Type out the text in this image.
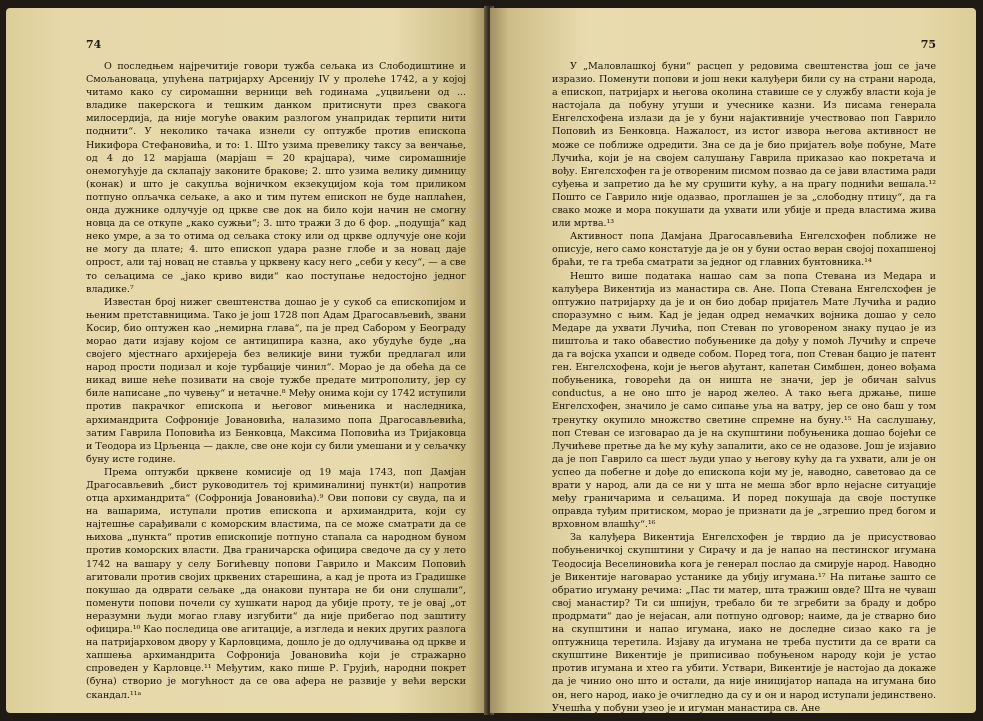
74

О последњем најречитије говори тужба сељака из Слободиштине и Смољановаца, упућена патријарху Арсенију IV у пролеће 1742, а у којој читамо како су сиромашни верници већ годинама „уцвиљени од ... владике пакерскога и тешким данком притиснути през свакога милосердија, да није могуће оваким разлогом унапридак терпити нити поднити“. У неколико тачака изнели су оптужбе против епископа Никифора Стефановића, и то: 1. Што узима превелику таксу за венчање, од 4 до 12 марјаша (марјаш = 20 крајцара), чиме сиромашније онемогућује да склапају законите бракове; 2. што узима велику димницу (конак) и што је сакупља војничком екзекуцијом која том приликом потпуно опљачка сељаке, а ако и тим путем епископ не буде наплаћен, онда дужнике одлучује од цркве све док на било који начин не смогну новца да се откупе „како сужњи“; 3. што тражи 3 до 6 фор. „подушја“ кад неко умре, а за то отима од сељака стоку или од цркве одлучује оне који не могу да плате; 4. што епископ удара разне глобе и за новац даје опрост, али тај новац не ставља у црквену касу него „себи у кесу“, — а све то сељацима се „јако криво види“ као поступање недостојно једног владике.⁷

Известан број нижег свештенства дошао је у сукоб са епископијом и њеним претставницима. Тако је још 1728 поп Адам Драгосављевић, звани Косир, био оптужен као „немирна глава“, па је пред Сабором у Београду морао дати изјаву којом се антиципира казна, ако убудуће буде „на својего мјестнаго архијереја без великије вини тужби предлагал или народ прости подизал и које турбације чинил“. Морао је да обећа да се никад више неће позивати на своје тужбе предате митрополиту, јер су биле написане „по чувењу“ и нетачне.⁸ Међу онима који су 1742 иступили против пакрачког епископа и његовог мињеника и наследника, архимандрита Софроније Јовановића, налазимо попа Драгосављевића, затим Гаврила Поповића из Бенковца, Максима Поповића из Тријаковца и Теодора из Црљенца — дакле, све оне који су били умешани и у сељачку буну исте године.

Према оптужби црквене комисије од 19 маја 1743, поп Дамјан Драгосављевић „бист руководитељ тој криминалиниј пункт(и) напротив отца архимандрита“ (Софронија Јовановића).⁹ Ови попови су свуда, па и на вашарима, иступали против епископа и архимандрита, који су најтешње сарађивали с коморским властима, па се може сматрати да се њихова „пункта“ против епископије потпуно стапала са народном буном против коморских власти. Два граничарска официра сведоче да су у лето 1742 на вашару у селу Богићевцу попови Гаврило и Максим Поповић агитовали против својих црквених старешина, а кад је прота из Градишке покушао да одврати сељаке „да онакови пунтара не би они слушали“, поменути попови почели су хушкати народ да убије проту, те је овај „от неразумни људи могао главу изгубити“ да није прибегао под заштиту официра.¹⁰ Као последица ове агитације, а изгледа и неких других разлога на патријарховом двору у Карловцима, дошло је до одлучивања од цркве и хапшења архимандрита Софронија Јовановића који је стражарно спроведен у Карловце.¹¹ Међутим, како пише Р. Грујић, народни покрет (буна) створио је могућност да се ова афера не развије у већи верски скандал.¹¹ᵃ

75

У „Маловлашкој буни“ расцеп у редовима свештенства још се јаче изразио. Поменути попови и још неки калуђери били су на страни народа, а епископ, патријарх и његова околина ставише се у службу власти која је настојала да побуну угуши и учеснике казни. Из писама генерала Енгелсхофена излази да је у буни најактивније учествовао поп Гаврило Поповић из Бенковца. Нажалост, из истог извора његова активност не може се поближе одредити. Зна се да је био пријатељ вође побуне, Мате Лучића, који је на својем салушању Гаврила приказао као покретача и вођу. Енгелсхофен га је отвореним писмом позвао да се јави властима ради суђења и запретио да ће му срушити кућу, а на прагу поднићи вешала.¹² Пошто се Гаврило није одазвао, проглашен је за „слободну птицу“, да га свако може и мора покушати да ухвати или убије и преда властима жива или мртва.¹³

Активност попа Дамјана Драгосављевића Енгелсхофен поближе не описује, него само констатује да је он у буни остао веран својој похапшеној браћи, те га треба сматрати за једног од главних бунтовника.¹⁴

Нешто више података нашао сам за попа Стевана из Медара и калуђера Викентија из манастира св. Ане. Попа Стевана Енгелсхофен је оптужио патријарху да је и он био добар пријатељ Мате Лучића и радио споразумно с њим. Кад је један одред немачких војника дошао у село Медаре да ухвати Лучића, поп Стеван по уговореном знаку пуцао је из пиштоља и тако обавестио побуњенике да дођу у помоћ Лучићу и спрече да га војска ухапси и одведе собом. Поред тога, поп Стеван бацио је патент ген. Енгелсхофена, који је његов ађутант, капетан Симбшен, донео вођама побуњеника, говорећи да он ништа не значи, јер је обичан salvus conductus, а не оно што је народ желео. А тако њега држање, пише Енгелсхофен, значило је само сипање уља на ватру, јер се оно баш у том тренутку окупило множство светине спремне на буну.¹⁵ На саслушању, поп Стеван се изговарао да је на скупштини побуњеника дошао бојећи се Лучићеве претње да ће му кућу запалити, ако се не одазове. Још је изјавио да је поп Гаврило са шест људи упао у његову кућу да га ухвати, али је он успео да побегне и дође до епископа који му је, наводно, саветовао да се врати у народ, али да се ни у шта не меша због врло нејасне ситуације међу граничарима и сељацима. И поред покушаја да своје поступке оправда туђим притиском, морао је признати да је „згрешио пред богом и врховном влашћу“.¹⁶

За калуђера Викентија Енгелсхофен је тврдио да је присуствовао побуњеничкој скупштини у Сирачу и да је напао на пестинског игумана Теодосија Веселиновића кога је генерал послао да смирује народ. Наводно је Викентије наговарао устанике да убију игумана.¹⁷ На питање зашто се обратио игуману речима: „Пас ти матер, шта тражиш овде? Шта не чуваш свој манастир? Ти си шпијун, требало би те згребити за браду и добро продрмати“ дао је нејасан, али потпуно одговор; наиме, да је стварно био на скупштини и напао игумана, иако не доследне сизао како га је оптужница теретила. Изјаву да игумана не треба пустити да се врати са скупштине Викентије је приписивао побуњеном народу који је устао против игумана и хтео га убити. Уствари, Викентије је настојао да докаже да је чинио оно што и остали, да није иницијатор напада на игумана био он, него народ, иако је очигледно да су и он и народ иступали јединствено. Учешћа у побуни узео је и игуман манастира св. Ане
